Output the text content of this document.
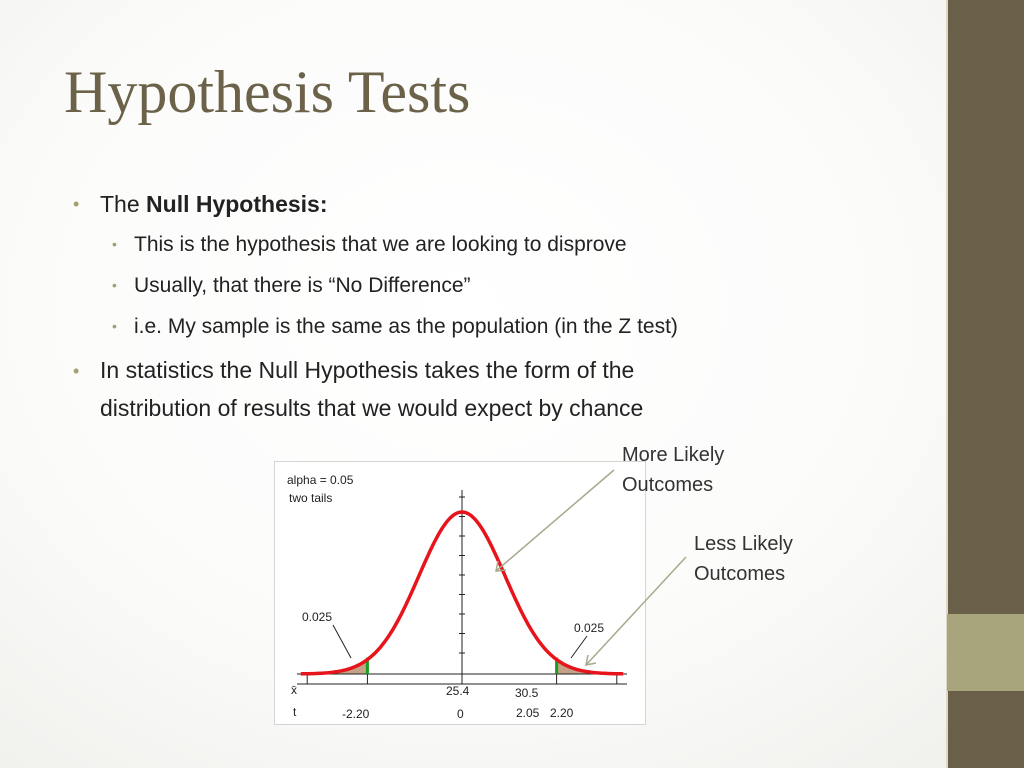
Hypothesis Tests
• The Null Hypothesis:
• This is the hypothesis that we are looking to disprove
• Usually, that there is “No Difference”
• i.e. My sample is the same as the population (in the Z test)
• In statistics the Null Hypothesis takes the form of the
distribution of results that we would expect by chance
alpha = 0.05
two tails
0.025
0.025
x̄
t
25.4	30.5
-2.20	0	2.05 2.20
More Likely
Outcomes
Less Likely
Outcomes
